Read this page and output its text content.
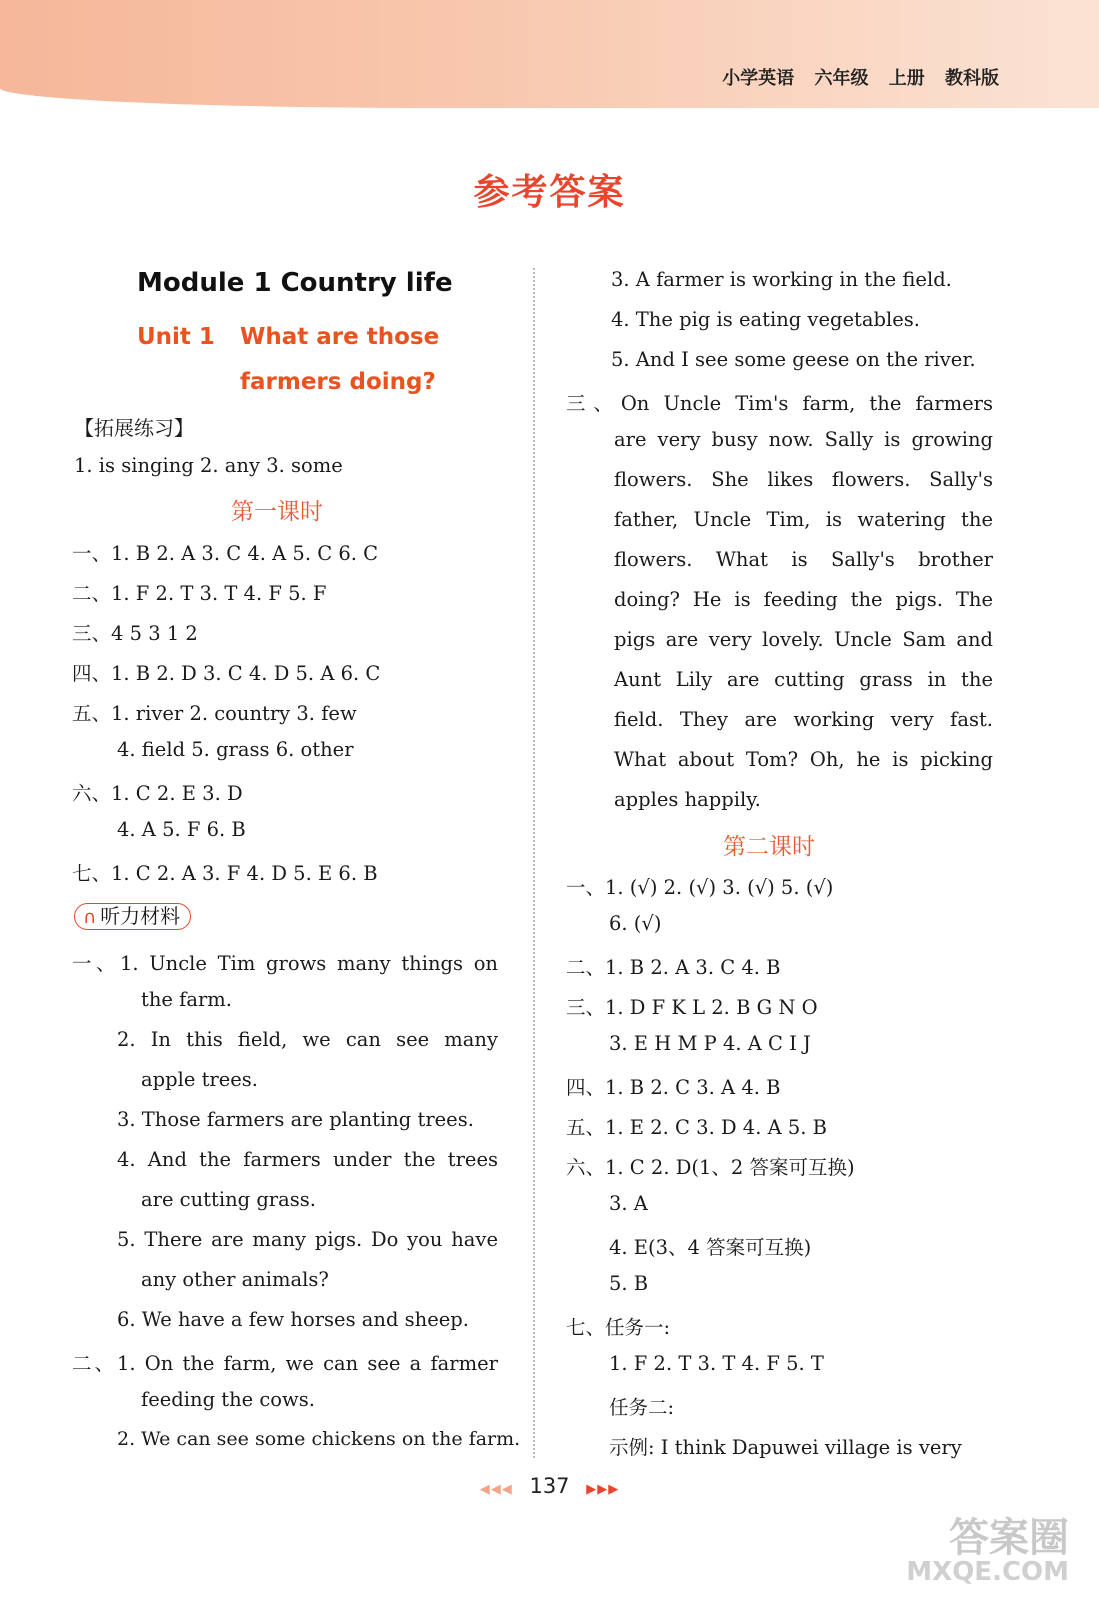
小学英语 六年级 上册 教科版
参考答案
Module 1 Country life
Unit 1 What are those
farmers doing?
【拓展练习】
1. is singing 2. any 3. some
第一课时
一、1. B 2. A 3. C 4. A 5. C 6. C
二、1. F 2. T 3. T 4. F 5. F
三、4 5 3 1 2
四、1. B 2. D 3. C 4. D 5. A 6. C
五、1. river 2. country 3. few
4. field 5. grass 6. other
六、1. C 2. E 3. D
4. A 5. F 6. B
七、1. C 2. A 3. F 4. D 5. E 6. B
∩ 听力材料
一、1. Uncle Tim grows many things on
the farm.
2. In this field, we can see many
apple trees.
3. Those farmers are planting trees.
4. And the farmers under the trees
are cutting grass.
5. There are many pigs. Do you have
any other animals?
6. We have a few horses and sheep.
二、1. On the farm, we can see a farmer
feeding the cows.
2. We can see some chickens on the farm.
3. A farmer is working in the field.
4. The pig is eating vegetables.
5. And I see some geese on the river.
三、On Uncle Tim's farm, the farmers
are very busy now. Sally is growing
flowers. She likes flowers. Sally's
father, Uncle Tim, is watering the
flowers. What is Sally's brother
doing? He is feeding the pigs. The
pigs are very lovely. Uncle Sam and
Aunt Lily are cutting grass in the
field. They are working very fast.
What about Tom? Oh, he is picking
apples happily.
第二课时
一、1. (√) 2. (√) 3. (√) 5. (√)
6. (√)
二、1. B 2. A 3. C 4. B
三、1. D F K L 2. B G N O
3. E H M P 4. A C I J
四、1. B 2. C 3. A 4. B
五、1. E 2. C 3. D 4. A 5. B
六、1. C 2. D(1、2 答案可互换)
3. A
4. E(3、4 答案可互换)
5. B
七、任务一:
1. F 2. T 3. T 4. F 5. T
任务二:
示例: I think Dapuwei village is very
◀◀◀ 137 ▶▶▶
答案圈
MXQE.COM
